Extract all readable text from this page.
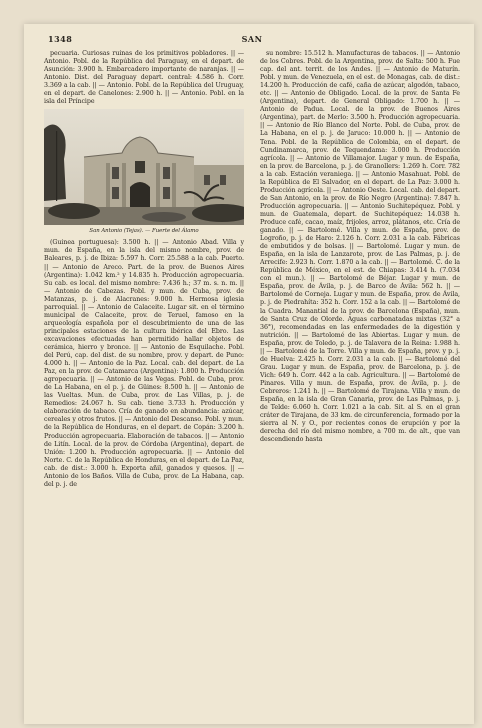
1348	SAN

pecuaria. Curiosas ruinas de los primitivos pobladores. || — Antonio. Pobl. de la República del Paraguay, en el depart. de Asunción: 3.900 h. Embarcadero importante de naranjas. || — Antonio. Dist. del Paraguay depart. central: 4.586 h. Corr. 3.369 a la cab. || — Antonio. Pobl. de la República del Uruguay, en el depart. de Canelones: 2.900 h. || — Antonio. Pobl. en la isla del Príncipe

San Antonio (Tejas). — Fuerte del Álamo

(Guinea portuguesa): 3.500 h. || — Antonio Abad. Villa y mun. de España, en la isla del mismo nombre, prov. de Baleares, p. j. de Ibiza: 5.597 h. Corr. 25.588 a la cab. Puerto. || — Antonio de Areco. Part. de la prov. de Buenos Aires (Argentina): 1.042 km.² y 14.835 h. Producción agropecuaria. Su cab. es local. del mismo nombre: 7.436 h.; 37 m. s. n. m. || — Antonio de Cabezas. Pobl. y mun. de Cuba, prov. de Matanzas, p. j. de Alacranes: 9.000 h. Hermosa iglesia parroquial. || — Antonio de Calaceite. Lugar sit. en el término municipal de Calaceite, prov. de Teruel, famoso en la arqueología española por el descubrimiento de una de las principales estaciones de la cultura ibérica del Ebro. Las excavaciones efectuadas han permitido hallar objetos de cerámica, hierro y bronce. || — Antonio de Esquilache. Pobl. del Perú, cap. del dist. de su nombre, prov. y depart. de Puno: 4.000 h. || — Antonio de la Paz. Local. cab. del depart. de La Paz, en la prov. de Catamarca (Argentina): 1.800 h. Producción agropecuaria. || — Antonio de las Vegas. Pobl. de Cuba, prov. de La Habana, en el p. j. de Güines: 8.500 h. || — Antonio de las Vueltas. Mun. de Cuba, prov. de Las Villas, p. j. de Remedios: 24.067 h. Su cab. tiene 3.733 h. Producción y elaboración de tabaco. Cría de ganado en abundancia: azúcar, cereales y otros frutos. || — Antonio del Descanso. Pobl. y mun. de la República de Honduras, en el depart. de Copán: 3.200 h. Producción agropecuaria. Elaboración de tabacos. || — Antonio de Litín. Local. de la prov. de Córdoba (Argentina), depart. de Unión: 1.200 h. Producción agropecuaria. || — Antonio del Norte. C. de la República de Honduras, en el depart. de La Paz, cab. de dist.: 3.000 h. Exporta añil, ganados y quesos. || — Antonio de los Baños. Villa de Cuba, prov. de La Habana, cap. del p. j. de

su nombre: 15.512 h. Manufacturas de tabacos. || — Antonio de los Cobres. Pobl. de la Argentina, prov. de Salta: 500 h. Fue cap. del ant. territ. de los Andes. || — Antonio de Maturín. Pobl. y mun. de Venezuela, en el est. de Monagas, cab. de dist.: 14.200 h. Producción de café, caña de azúcar, algodón, tabaco, etc. || — Antonio de Obligado. Local. de la prov. de Santa Fe (Argentina), depart. de General Obligado: 1.700 h. || — Antonio de Padua. Local. de la prov. de Buenos Aires (Argentina), part. de Merlo: 3.500 h. Producción agropecuaria. || — Antonio de Río Blanco del Norte. Pobl. de Cuba, prov. de La Habana, en el p. j. de Jaruco: 10.000 h. || — Antonio de Tena. Pobl. de la República de Colombia, en el depart. de Cundinamarca, prov. de Tequendama: 3.000 h. Producción agrícola. || — Antonio de Villamajor. Lugar y mun. de España, en la prov. de Barcelona, p. j. de Granollers: 1.269 h. Corr. 782 a la cab. Estación veraniega. || — Antonio Masahuat. Pobl. de la República de El Salvador, en el depart. de La Paz: 3.000 h. Producción agrícola. || — Antonio Oeste. Local. cab. del depart. de San Antonio, en la prov. de Río Negro (Argentina): 7.847 h. Producción agropecuaria. || — Antonio Suchitepéquez. Pobl. y mun. de Guatemala, depart. de Suchitepéquez: 14.038 h. Produce café, cacao, maíz, frijoles, arroz, plátanos, etc. Cría de ganado. || — Bartolomé. Villa y mun. de España, prov. de Logroño, p. j. de Haro: 2.126 h. Corr. 2.031 a la cab. Fábricas de embutidos y de bolsas. || — Bartolomé. Lugar y mun. de España, en la isla de Lanzarote, prov. de Las Palmas, p. j. de Arrecife: 2.923 h. Corr. 1.870 a la cab. || — Bartolomé. C. de la República de México, en el est. de Chiapas: 3.414 h. (7.034 con el mun.). || — Bartolomé de Béjar. Lugar y mun. de España, prov. de Ávila, p. j. de Barco de Ávila: 562 h. || — Bartolomé de Corneja. Lugar y mun. de España, prov. de Ávila, p. j. de Piedrahíta: 352 h. Corr. 152 a la cab. || — Bartolomé de la Cuadra. Manantial de la prov. de Barcelona (España), mun. de Santa Cruz de Olorde. Aguas carbonatadas mixtas (32° a 36°), recomendadas en las enfermedades de la digestión y nutrición. || — Bartolomé de las Abiertas. Lugar y mun. de España, prov. de Toledo, p. j. de Talavera de la Reina: 1.988 h. || — Bartolomé de la Torre. Villa y mun. de España, prov. y p. j. de Huelva: 2.425 h. Corr. 2.031 a la cab. || — Bartolomé del Grau. Lugar y mun. de España, prov. de Barcelona, p. j. de Vich: 649 h. Corr. 442 a la cab. Agricultura. || — Bartolomé de Pinares. Villa y mun. de España, prov. de Ávila, p. j. de Cebreros: 1.241 h. || — Bartolomé de Tirajana. Villa y mun. de España, en la isla de Gran Canaria, prov. de Las Palmas, p. j. de Telde: 6.060 h. Corr. 1.021 a la cab. Sit. al S. en el gran cráter de Tirajana, de 33 km. de circunferencia, formado por la sierra al N. y O., por recientes conos de erupción y por la derecha del río del mismo nombre, a 700 m. de alt., que van descendiendo hasta
